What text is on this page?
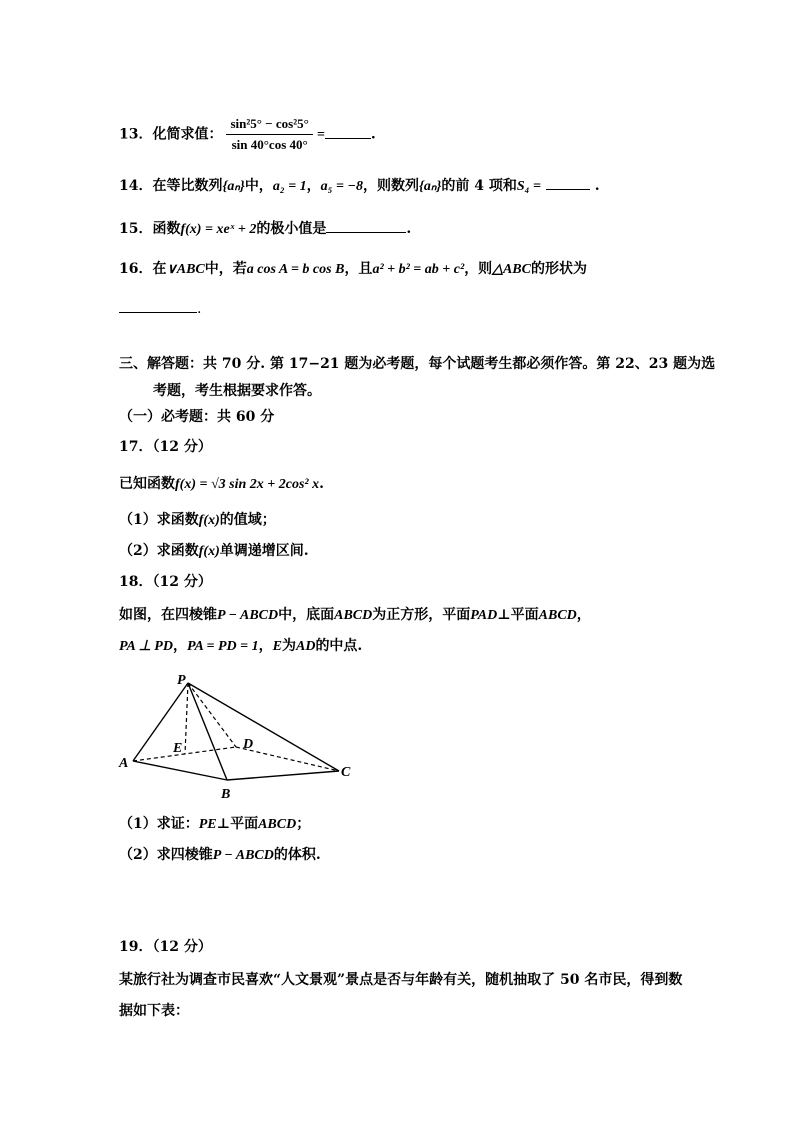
13．化简求值： $\frac{\text{sin²5° − cos²5°}}{\sin 40^\circ\cos 40^\circ}$ =	.
14．在等比数列{aₙ}中，a₂ = 1，a₅ = −8，则数列{aₙ}的前 4 项和S₄ =	.
15．函数f(x) = xeˣ + 2的极小值是	.
16．在∨ABC中，若a cos A = b cos B，且a² + b² = ab + c²，则△ABC的形状为
.
三、解答题：共 70 分. 第 17−21 题为必考题，每个试题考生都必须作答。第 22、23 题为选
考题，考生根据要求作答。
（一）必考题：共 60 分
17．（12 分）
已知函数f(x) = √3 sin 2x + 2cos² x.
（1）求函数f(x)的值域；
（2）求函数f(x)单调递增区间.
18．（12 分）
如图，在四棱锥P − ABCD中，底面ABCD为正方形，平面PAD⊥平面ABCD，
PA ⊥ PD，PA = PD = 1，E为AD的中点.
P
A
B
C
D
E
（1）求证：PE⊥平面ABCD；
（2）求四棱锥P − ABCD的体积.
19．（12 分）
某旅行社为调查市民喜欢“人文景观”景点是否与年龄有关，随机抽取了 50 名市民，得到数
据如下表：
